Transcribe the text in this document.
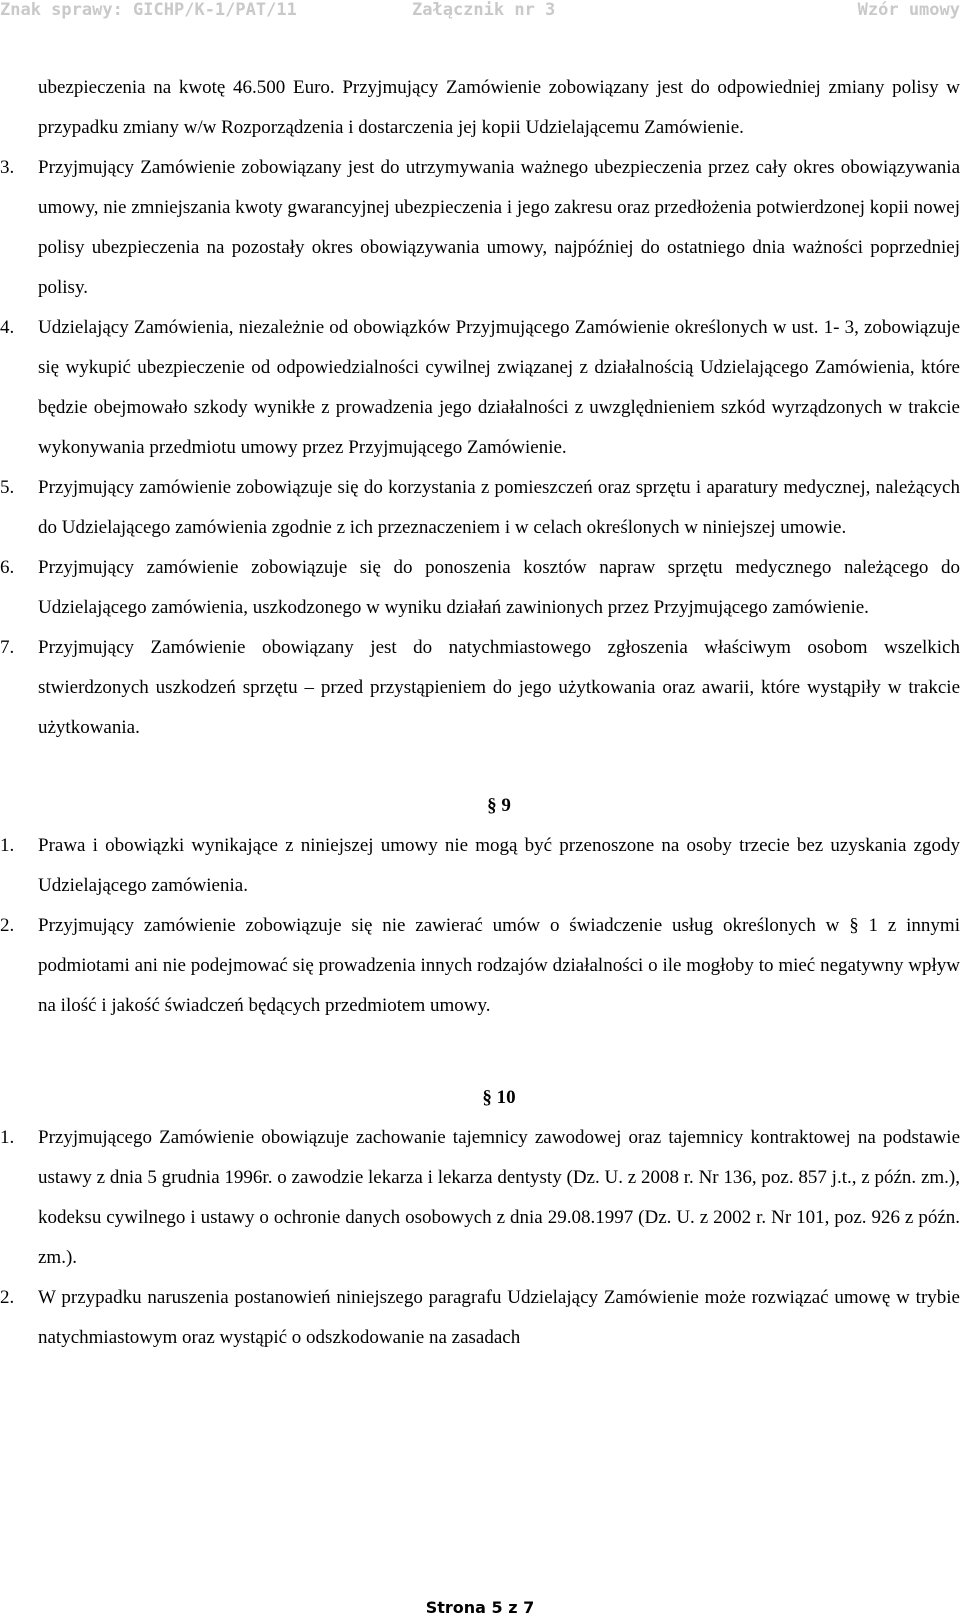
Znak sprawy: GICHP/K-1/PAT/11	Załącznik nr 3	Wzór umowy

ubezpieczenia na kwotę 46.500 Euro. Przyjmujący Zamówienie zobowiązany jest do odpowiedniej zmiany polisy w przypadku zmiany w/w Rozporządzenia i dostarczenia jej kopii Udzielającemu Zamówienie.

3.	Przyjmujący Zamówienie zobowiązany jest do utrzymywania ważnego ubezpieczenia przez cały okres obowiązywania umowy, nie zmniejszania kwoty gwarancyjnej ubezpieczenia i jego zakresu oraz przedłożenia potwierdzonej kopii nowej polisy ubezpieczenia na pozostały okres obowiązywania umowy, najpóźniej do ostatniego dnia ważności poprzedniej polisy.
4.	Udzielający Zamówienia, niezależnie od obowiązków Przyjmującego Zamówienie określonych w ust. 1- 3, zobowiązuje się wykupić ubezpieczenie od odpowiedzialności cywilnej związanej z działalnością Udzielającego Zamówienia, które będzie obejmowało szkody wynikłe z prowadzenia jego działalności z uwzględnieniem szkód wyrządzonych w trakcie wykonywania przedmiotu umowy przez Przyjmującego Zamówienie.
5.	Przyjmujący zamówienie zobowiązuje się do korzystania z pomieszczeń oraz sprzętu i aparatury medycznej, należących do Udzielającego zamówienia zgodnie z ich przeznaczeniem i w celach określonych w niniejszej umowie.
6.	Przyjmujący zamówienie zobowiązuje się do ponoszenia kosztów napraw sprzętu medycznego należącego do Udzielającego zamówienia, uszkodzonego w wyniku działań zawinionych przez Przyjmującego zamówienie.
7.	Przyjmujący Zamówienie obowiązany jest do natychmiastowego zgłoszenia właściwym osobom wszelkich stwierdzonych uszkodzeń sprzętu – przed przystąpieniem do jego użytkowania oraz awarii, które wystąpiły w trakcie użytkowania.

§ 9

1.	Prawa i obowiązki wynikające z niniejszej umowy nie mogą być przenoszone na osoby trzecie bez uzyskania zgody Udzielającego zamówienia.
2.	Przyjmujący zamówienie zobowiązuje się nie zawierać umów o świadczenie usług określonych w § 1 z innymi podmiotami ani nie podejmować się prowadzenia innych rodzajów działalności o ile mogłoby to mieć negatywny wpływ na ilość i jakość świadczeń będących przedmiotem umowy.

§ 10

1.	Przyjmującego Zamówienie obowiązuje zachowanie tajemnicy zawodowej oraz tajemnicy kontraktowej na podstawie ustawy z dnia 5 grudnia 1996r. o zawodzie lekarza i lekarza dentysty (Dz. U. z 2008 r. Nr 136, poz. 857 j.t., z późn. zm.), kodeksu cywilnego i ustawy o ochronie danych osobowych z dnia 29.08.1997 (Dz. U. z 2002 r. Nr 101, poz. 926 z późn. zm.).
2.	W przypadku naruszenia postanowień niniejszego paragrafu Udzielający Zamówienie może rozwiązać umowę w trybie natychmiastowym oraz wystąpić o odszkodowanie na zasadach
Strona 5 z 7
